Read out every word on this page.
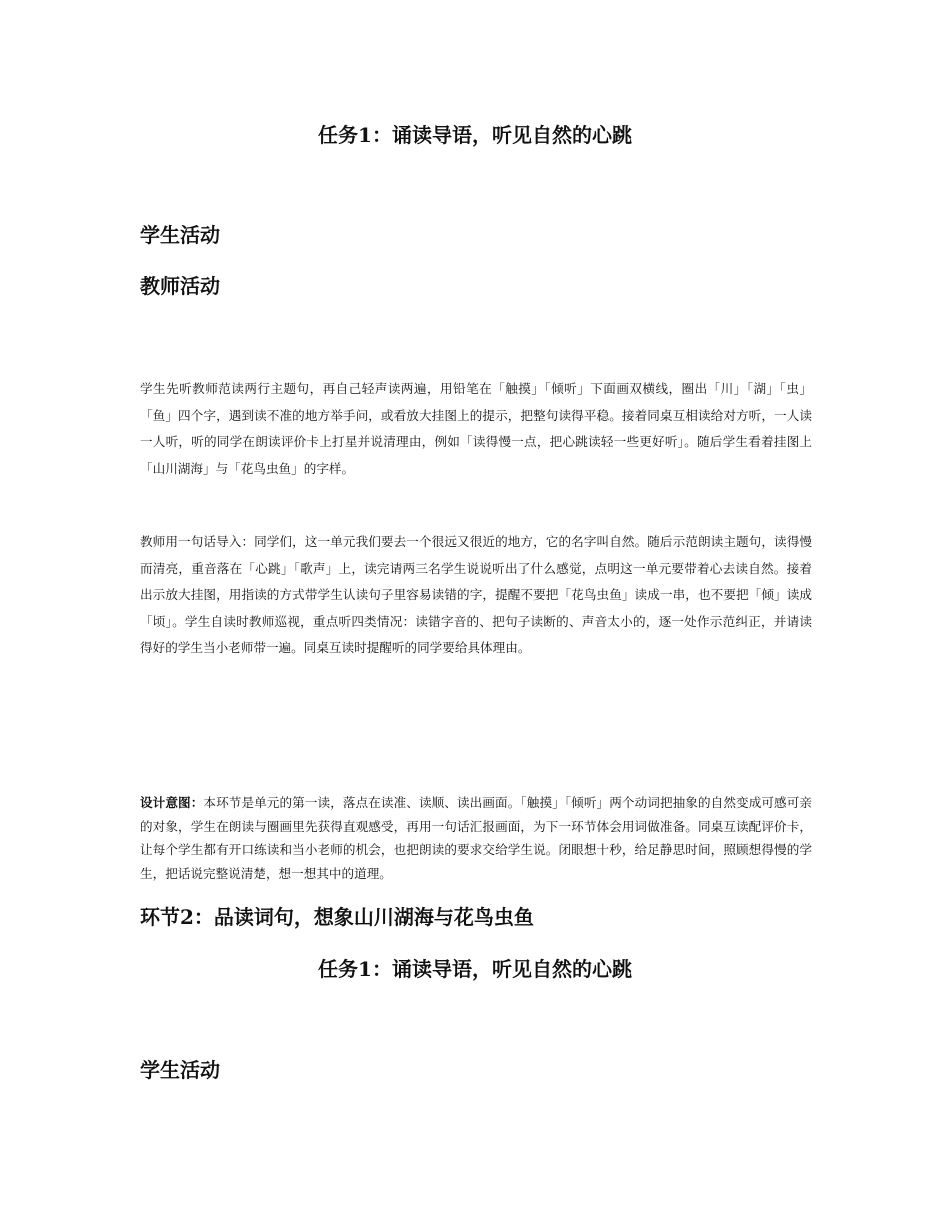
任务1：诵读导语，听见自然的心跳
学生活动
教师活动

学生先听教师范读两行主题句，再自己轻声读两遍，用铅笔在「触摸」「倾听」下面画双横线，圈出「川」「湖」「虫」「鱼」四个字，遇到读不准的地方举手问，或看放大挂图上的提示，把整句读得平稳。接着同桌互相读给对方听，一人读一人听，听的同学在朗读评价卡上打星并说清理由，例如「读得慢一点，把心跳读轻一些更好听」。随后学生看着挂图上「山川湖海」与「花鸟虫鱼」的字样。

教师用一句话导入：同学们，这一单元我们要去一个很远又很近的地方，它的名字叫自然。随后示范朗读主题句，读得慢而清亮，重音落在「心跳」「歌声」上，读完请两三名学生说说听出了什么感觉，点明这一单元要带着心去读自然。接着出示放大挂图，用指读的方式带学生认读句子里容易读错的字，提醒不要把「花鸟虫鱼」读成一串，也不要把「倾」读成「顷」。学生自读时教师巡视，重点听四类情况：读错字音的、把句子读断的、声音太小的，逐一处作示范纠正，并请读得好的学生当小老师带一遍。同桌互读时提醒听的同学要给具体理由。

设计意图：本环节是单元的第一读，落点在读准、读顺、读出画面。「触摸」「倾听」两个动词把抽象的自然变成可感可亲的对象，学生在朗读与圈画里先获得直观感受，再用一句话汇报画面，为下一环节体会用词做准备。同桌互读配评价卡，让每个学生都有开口练读和当小老师的机会，也把朗读的要求交给学生说。闭眼想十秒，给足静思时间，照顾想得慢的学生，把话说完整说清楚，想一想其中的道理。

环节2：品读词句，想象山川湖海与花鸟虫鱼
任务1：诵读导语，听见自然的心跳
学生活动
